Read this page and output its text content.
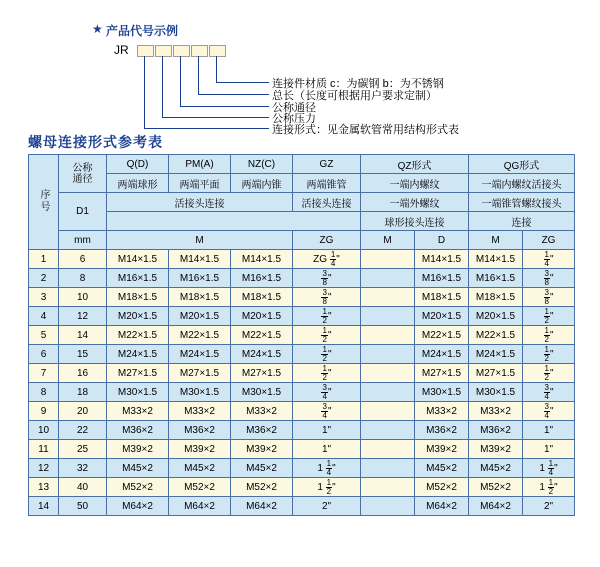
★ 产品代号示例
JR
连接件材质 c：为碳钢 b：为不锈钢
总长（长度可根据用户要求定制）
公称通径
公称压力
连接形式：见金属软管常用结构形式表
螺母连接形式参考表
序号	公称通径	Q(D)	PM(A)	NZ(C)	GZ	QZ形式		QG形式	
		两端球形	两端平面	两端内锥	两端锥管	一端内螺纹		一端内螺纹活接头	
	D1	活接头连接			活接头连接	一端外螺纹		一端锥管螺纹接头	
						球形接头连接		连接	
	mm	M			ZG	M	D	M	ZG
1	6	M14×1.5	M14×1.5	M14×1.5	ZG $\frac{1}{4}$ "		M14×1.5	M14×1.5	$\frac{1}{4}$ "
2	8	M16×1.5	M16×1.5	M16×1.5	$\frac{3}{8}$ "		M16×1.5	M16×1.5	$\frac{3}{8}$ "
3	10	M18×1.5	M18×1.5	M18×1.5	$\frac{3}{8}$ "		M18×1.5	M18×1.5	$\frac{3}{8}$ "
4	12	M20×1.5	M20×1.5	M20×1.5	$\frac{1}{2}$ "		M20×1.5	M20×1.5	$\frac{1}{2}$ "
5	14	M22×1.5	M22×1.5	M22×1.5	$\frac{1}{2}$ "		M22×1.5	M22×1.5	$\frac{1}{2}$ "
6	15	M24×1.5	M24×1.5	M24×1.5	$\frac{1}{2}$ "		M24×1.5	M24×1.5	$\frac{1}{2}$ "
7	16	M27×1.5	M27×1.5	M27×1.5	$\frac{1}{2}$ "		M27×1.5	M27×1.5	$\frac{1}{2}$ "
8	18	M30×1.5	M30×1.5	M30×1.5	$\frac{3}{4}$ "		M30×1.5	M30×1.5	$\frac{3}{4}$ "
9	20	M33×2	M33×2	M33×2	$\frac{3}{4}$ "		M33×2	M33×2	$\frac{3}{4}$ "
10	22	M36×2	M36×2	M36×2	1"		M36×2	M36×2	1"
11	25	M39×2	M39×2	M39×2	1"		M39×2	M39×2	1"
12	32	M45×2	M45×2	M45×2	$1 \frac{1}{4}$ "		M45×2	M45×2	$1 \frac{1}{4}$ "
13	40	M52×2	M52×2	M52×2	$1 \frac{1}{2}$ "		M52×2	M52×2	$1 \frac{1}{2}$ "
14	50	M64×2	M64×2	M64×2	2"		M64×2	M64×2	2"
